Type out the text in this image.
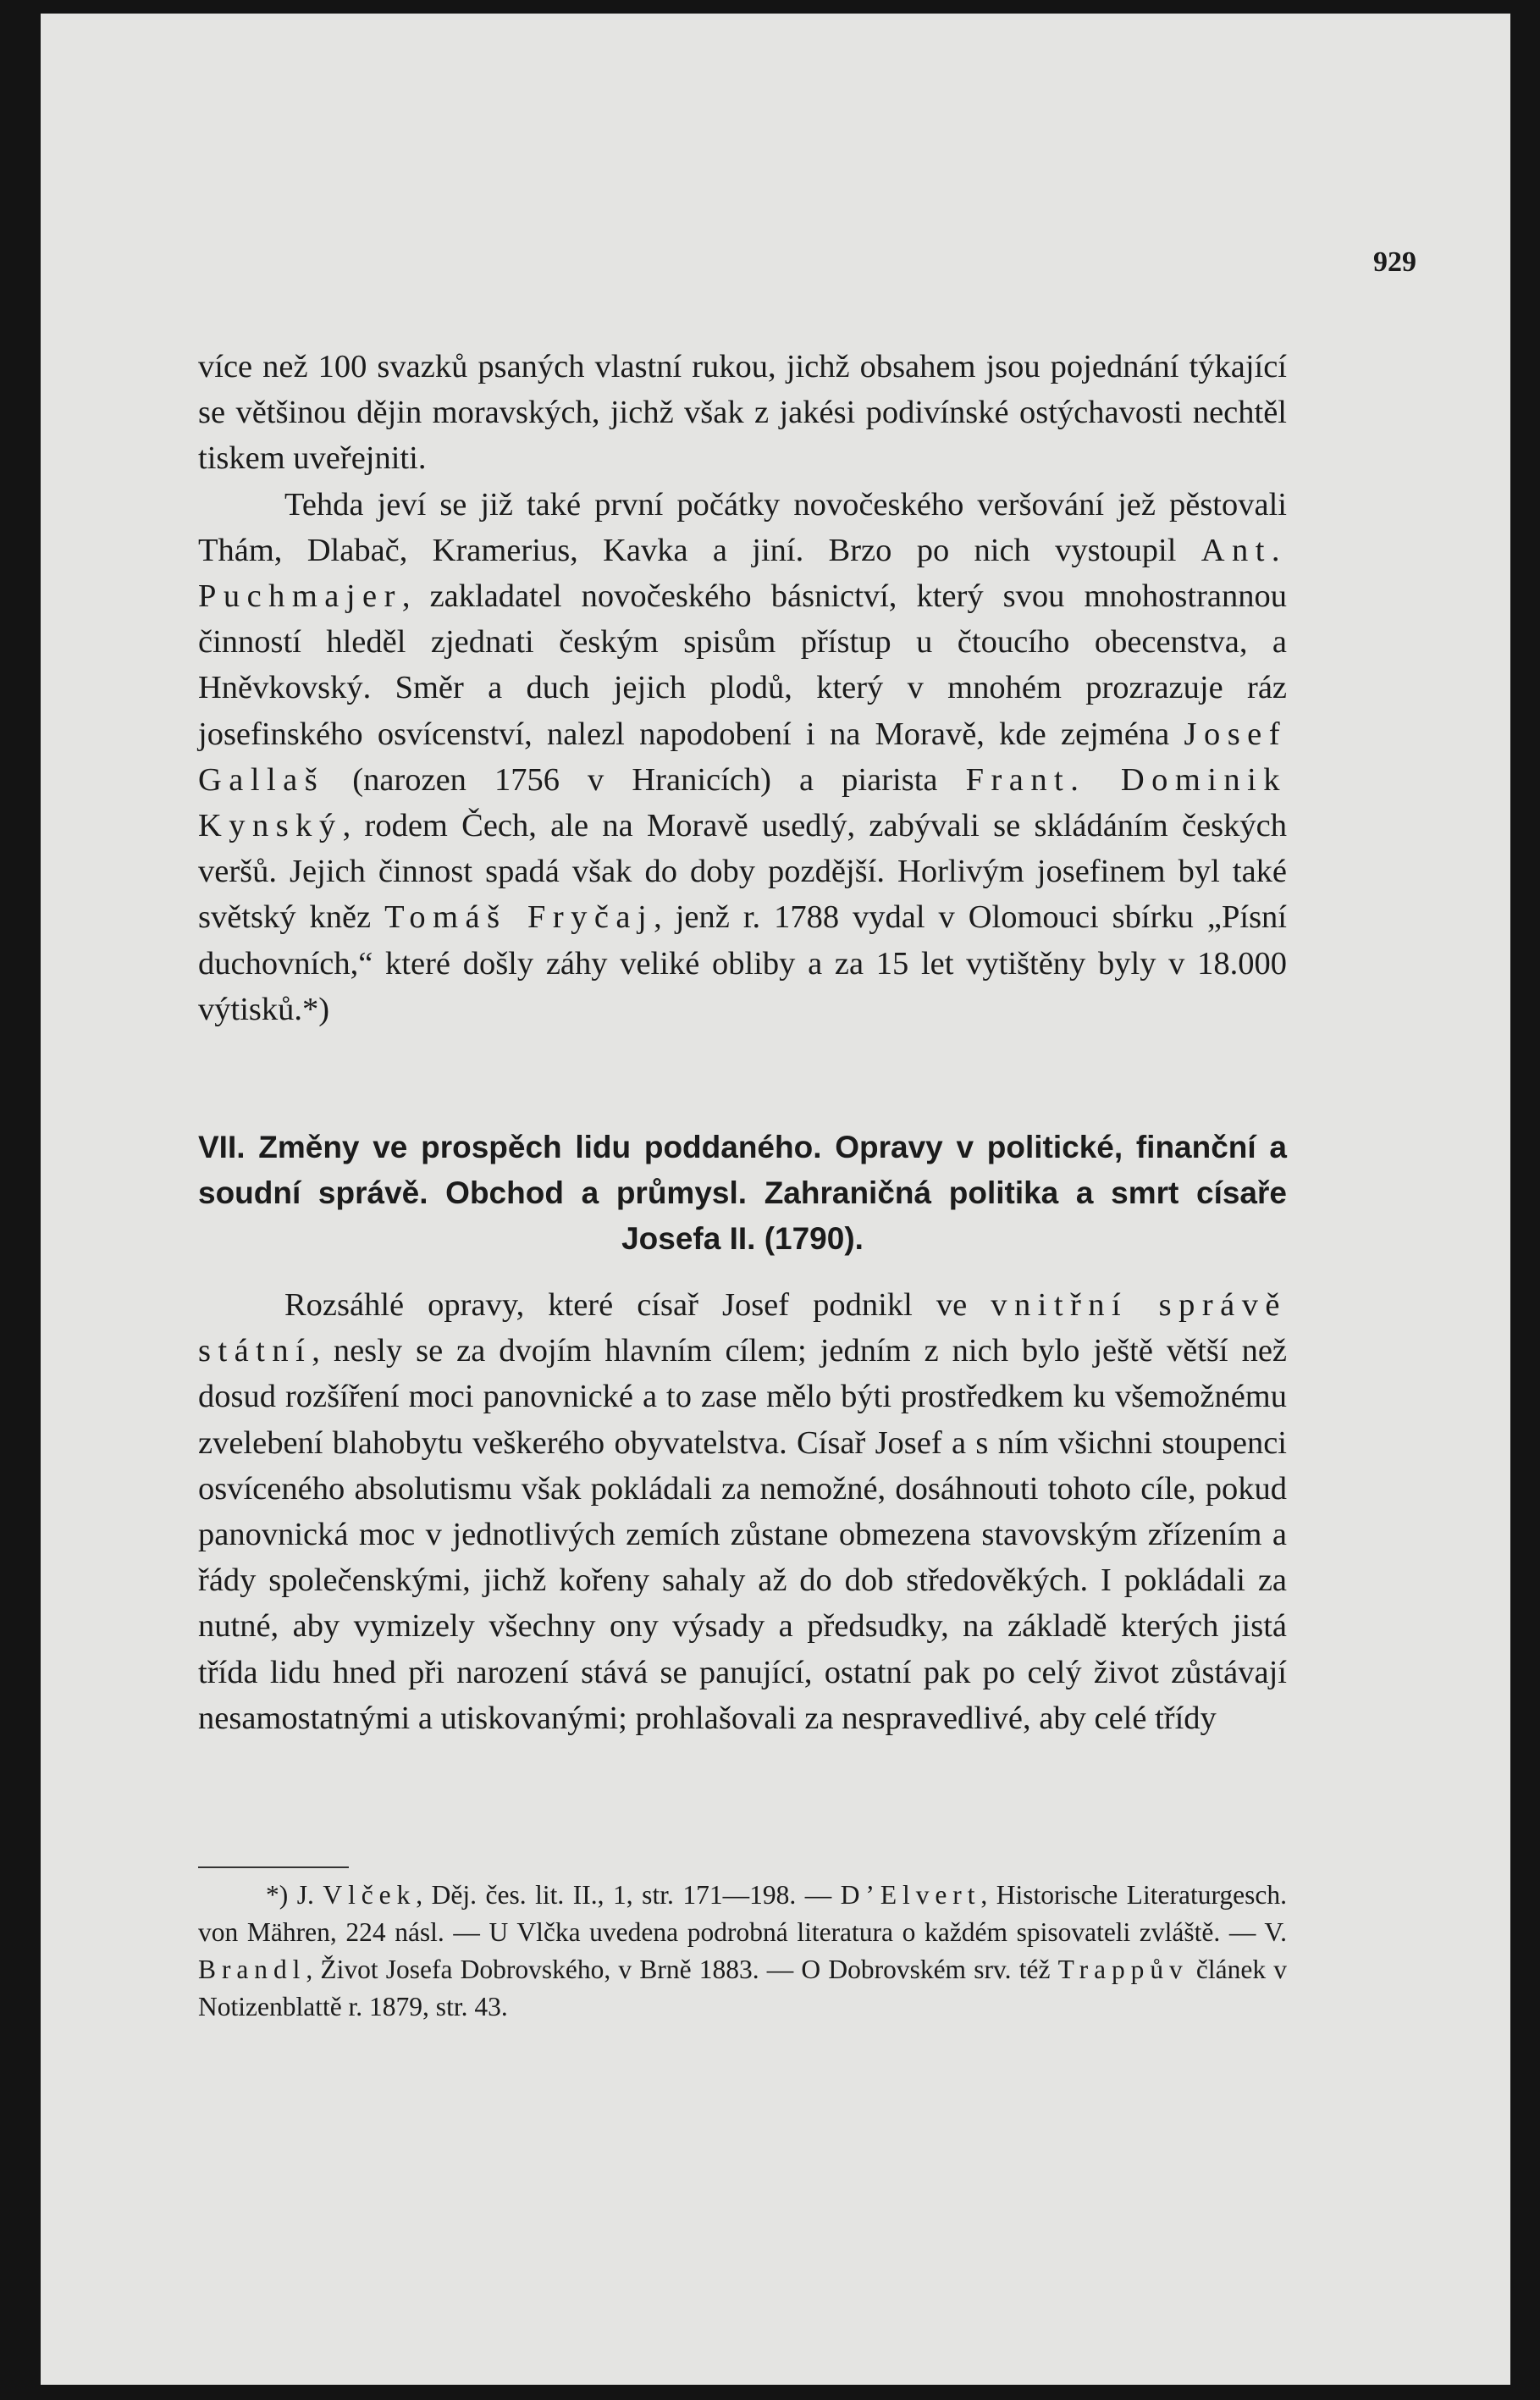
929

více než 100 svazků psaných vlastní rukou, jichž obsahem jsou pojednání týkající se většinou dějin moravských, jichž však z jakési podivínské ostýchavosti nechtěl tiskem uveřejniti.
Tehda jeví se již také první počátky novočeského veršování jež pěstovali Thám, Dlabač, Kramerius, Kavka a jiní. Brzo po nich vystoupil Ant. Puchmajer, zakladatel novočeského básnictví, který svou mnohostrannou činností hleděl zjednati českým spisům přístup u čtoucího obecenstva, a Hněvkovský. Směr a duch jejich plodů, který v mnohém prozrazuje ráz josefinského osvícenství, nalezl napodobení i na Moravě, kde zejména Josef Gallaš (narozen 1756 v Hranicích) a piarista Frant. Dominik Kynský, rodem Čech, ale na Moravě usedlý, zabývali se skládáním českých veršů. Jejich činnost spadá však do doby pozdější. Horlivým josefinem byl také světský kněz Tomáš Fryčaj, jenž r. 1788 vydal v Olomouci sbírku „Písní duchovních,“ které došly záhy veliké obliby a za 15 let vytištěny byly v 18.000 výtisků.*)

VII. Změny ve prospěch lidu poddaného. Opravy v politické, finanční a soudní správě. Obchod a průmysl. Zahraničná politika a smrt císaře Josefa II. (1790).

Rozsáhlé opravy, které císař Josef podnikl ve vnitřní správě státní, nesly se za dvojím hlavním cílem; jedním z nich bylo ještě větší než dosud rozšíření moci panovnické a to zase mělo býti prostředkem ku všemožnému zvelebení blahobytu veškerého obyvatelstva. Císař Josef a s ním všichni stoupenci osvíceného absolutismu však pokládali za nemožné, dosáhnouti tohoto cíle, pokud panovnická moc v jednotlivých zemích zůstane obmezena stavovským zřízením a řády společenskými, jichž kořeny sahaly až do dob středověkých. I pokládali za nutné, aby vymizely všechny ony výsady a předsudky, na základě kterých jistá třída lidu hned při narození stává se panující, ostatní pak po celý život zůstávají nesamostatnými a utiskovanými; prohlašovali za nespravedlivé, aby celé třídy

*) J. Vlček, Děj. čes. lit. II., 1, str. 171—198. — D’Elvert, Historische Literaturgesch. von Mähren, 224 násl. — U Vlčka uvedena podrobná literatura o každém spisovateli zvláště. — V. Brandl, Život Josefa Dobrovského, v Brně 1883. — O Dobrovském srv. též Trappův článek v Notizenblattě r. 1879, str. 43.
